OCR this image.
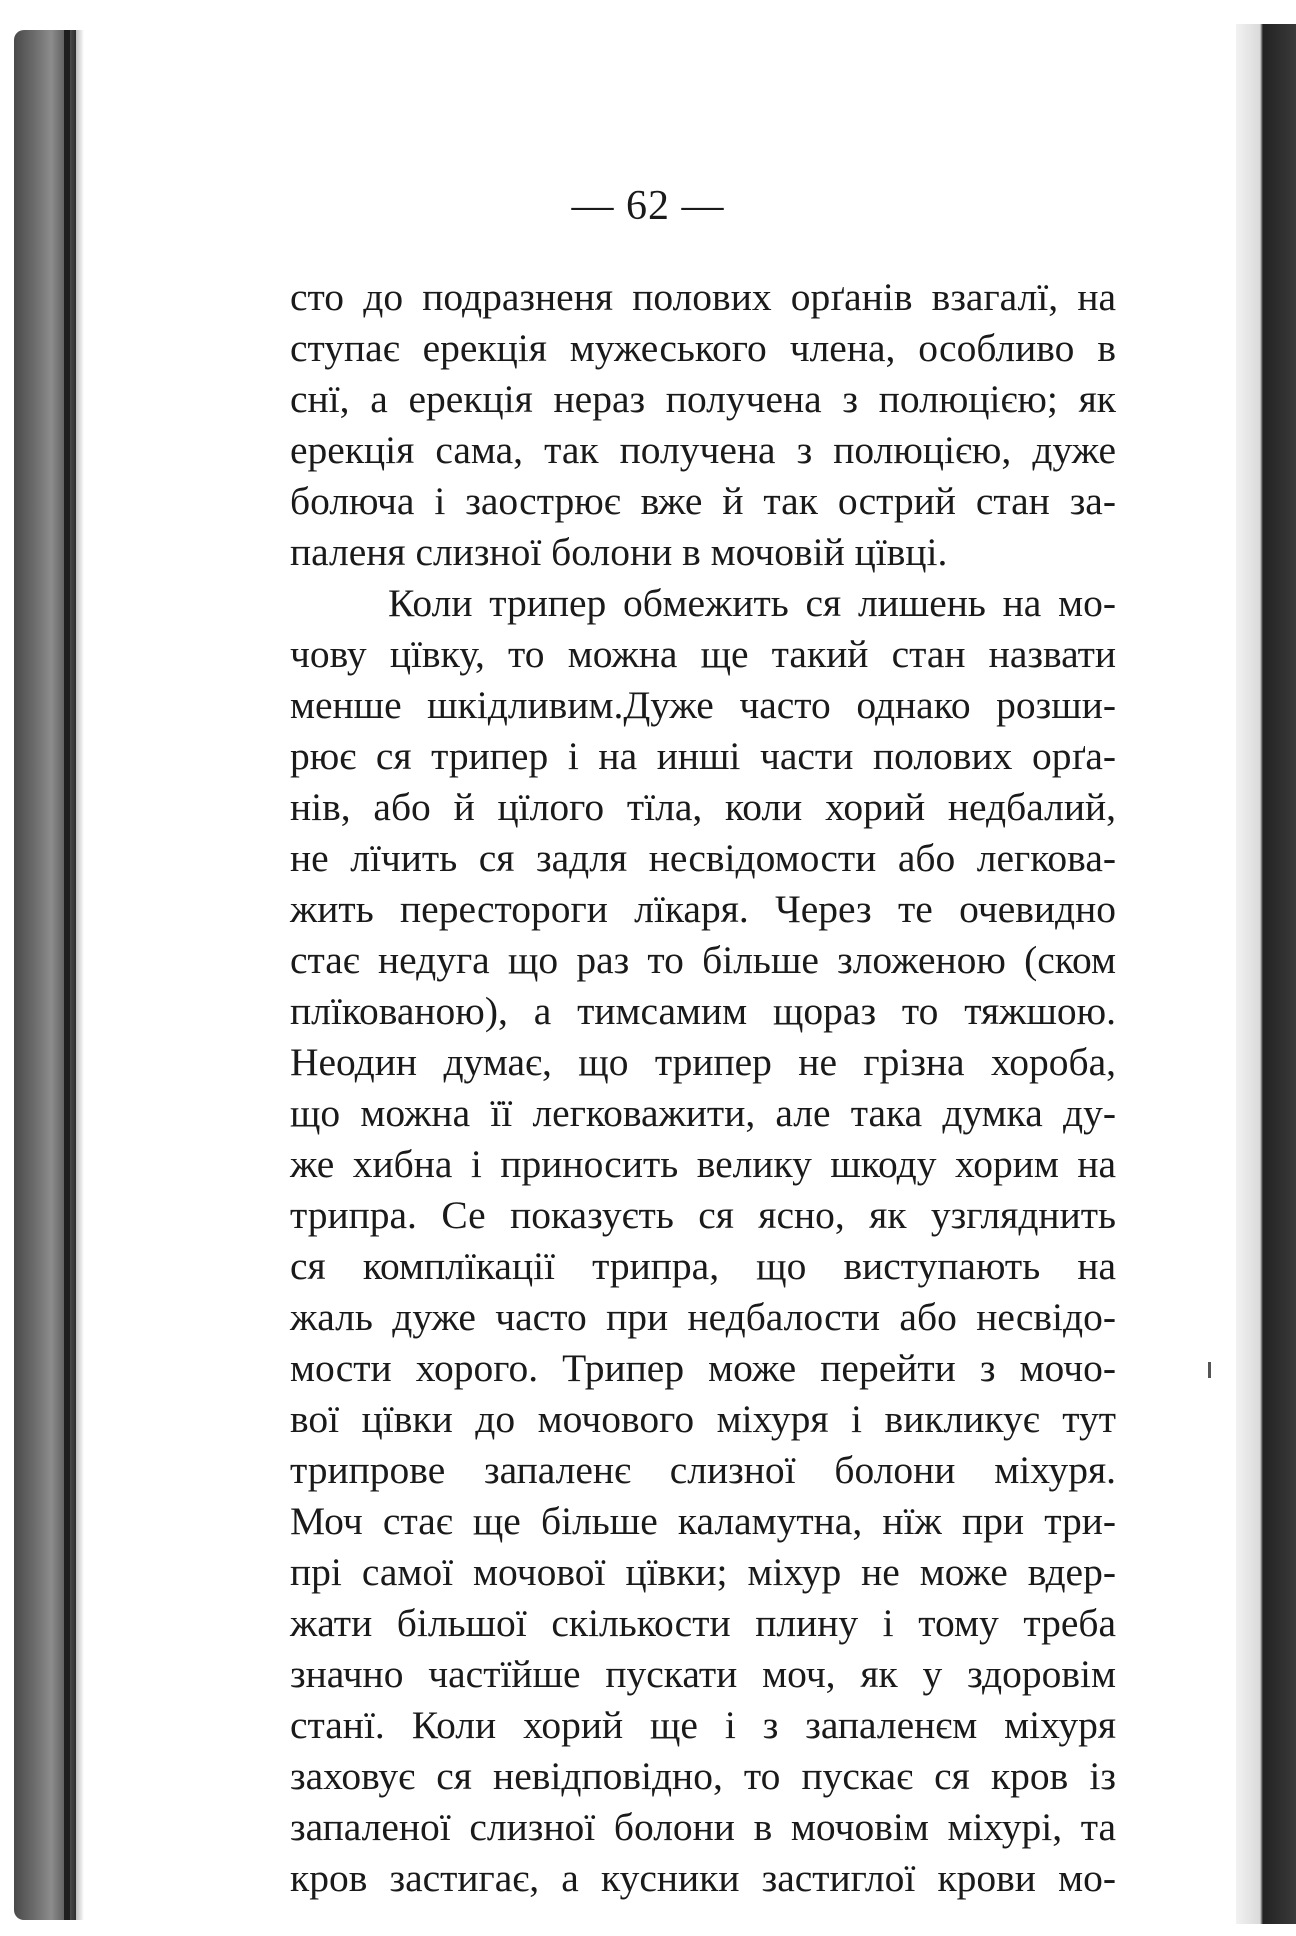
— 62 —
сто до подразненя полових орґанів взагалї, на
ступає ерекція мужеського члена, особливо в
снї, а ерекція нераз получена з полюцією; як
ерекція сама, так получена з полюцією, дуже
болюча і заострює вже й так острий стан за-
паленя слизної болони в мочовій цївці.
Коли трипер обмежить ся лишень на мо-
чову цївку, то можна ще такий стан назвати
менше шкідливим.Дуже часто однако розши-
рює ся трипер і на инші части полових орґа-
нів, або й цїлого тїла, коли хорий недбалий,
не лїчить ся задля несвідомости або легкова-
жить перестороги лїкаря. Через те очевидно
стає недуга що раз то більше зложеною (ском
плїкованою), а тимсамим щораз то тяжшою.
Неодин думає, що трипер не грізна хороба,
що можна її легковажити, але така думка ду-
же хибна і приносить велику шкоду хорим на
трипра. Се показуєть ся ясно, як узгляднить
ся комплїкації трипра, що виступають на
жаль дуже часто при недбалости або несвідо-
мости хорого. Трипер може перейти з мочо-
вої цївки до мочового міхуря і викликує тут
трипрове запаленє слизної болони міхуря.
Моч стає ще більше каламутна, нїж при три-
прі самої мочової цївки; міхур не може вдер-
жати більшої скількости плину і тому треба
значно частїйше пускати моч, як у здоровім
станї. Коли хорий ще і з запаленєм міхуря
заховує ся невідповідно, то пускає ся кров із
запаленої слизної болони в мочовім міхурі, та
кров застигає, а кусники застиглої крови мо-
